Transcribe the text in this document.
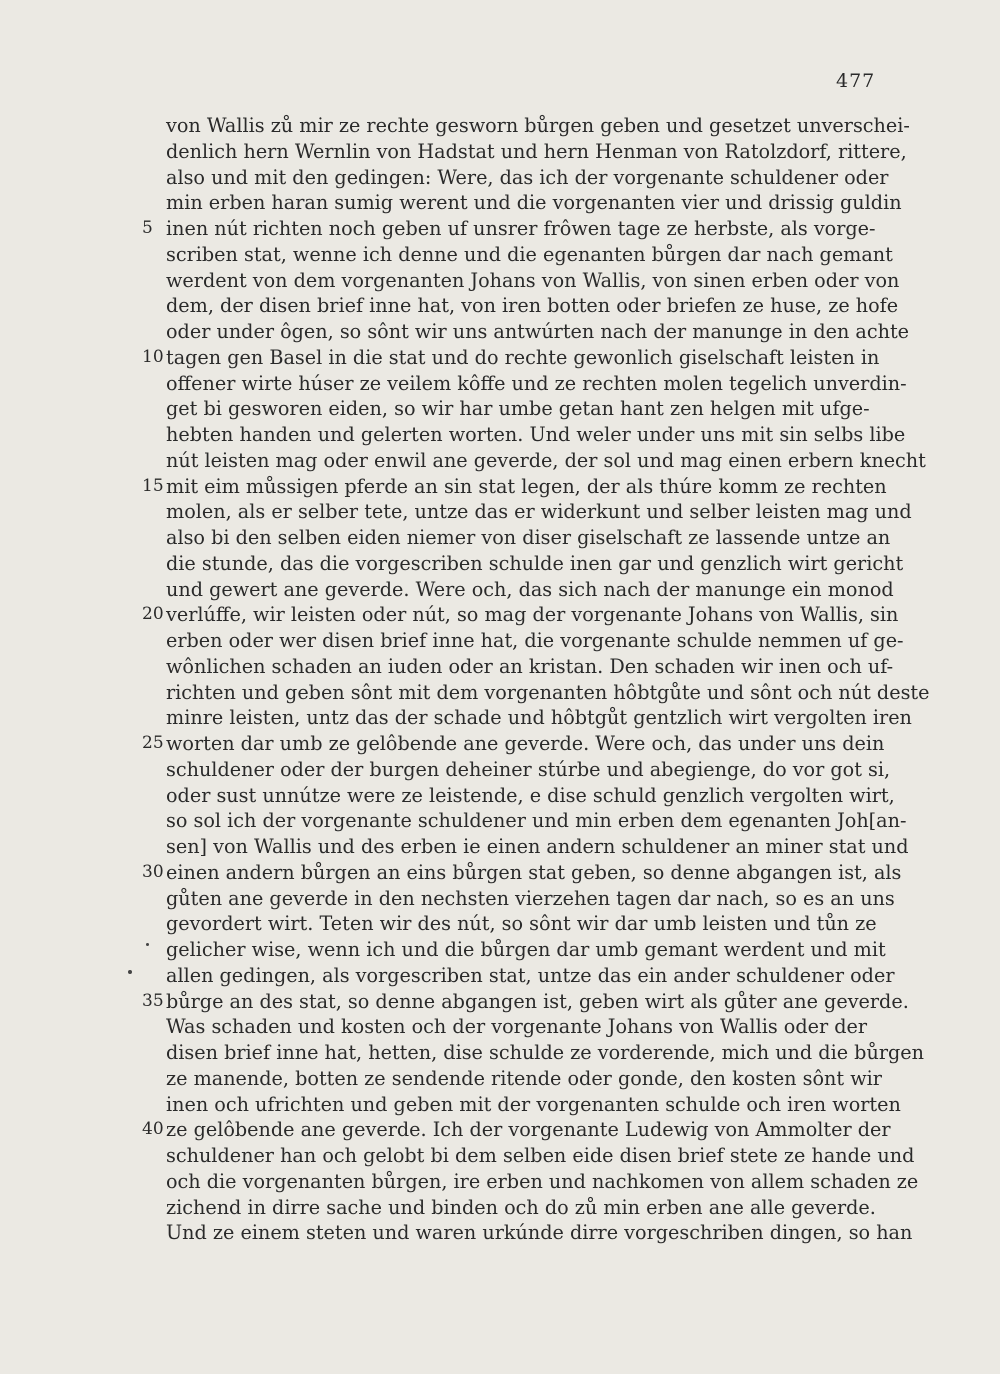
477
von Wallis zů mir ze rechte gesworn bůrgen geben und gesetzet unverschei-
denlich hern Wernlin von Hadstat und hern Henman von Ratolzdorf, rittere,
also und mit den gedingen: Were, das ich der vorgenante schuldener oder
min erben haran sumig werent und die vorgenanten vier und drissig guldin
5 inen nút richten noch geben uf unsrer frôwen tage ze herbste, als vorge-
scriben stat, wenne ich denne und die egenanten bůrgen dar nach gemant
werdent von dem vorgenanten Johans von Wallis, von sinen erben oder von
dem, der disen brief inne hat, von iren botten oder briefen ze huse, ze hofe
oder under ôgen, so sônt wir uns antwúrten nach der manunge in den achte
10 tagen gen Basel in die stat und do rechte gewonlich giselschaft leisten in
offener wirte húser ze veilem kôffe und ze rechten molen tegelich unverdin-
get bi gesworen eiden, so wir har umbe getan hant zen helgen mit ufge-
hebten handen und gelerten worten. Und weler under uns mit sin selbs libe
nút leisten mag oder enwil ane geverde, der sol und mag einen erbern knecht
15 mit eim můssigen pferde an sin stat legen, der als thúre komm ze rechten
molen, als er selber tete, untze das er widerkunt und selber leisten mag und
also bi den selben eiden niemer von diser giselschaft ze lassende untze an
die stunde, das die vorgescriben schulde inen gar und genzlich wirt gericht
und gewert ane geverde. Were och, das sich nach der manunge ein monod
20 verlúffe, wir leisten oder nút, so mag der vorgenante Johans von Wallis, sin
erben oder wer disen brief inne hat, die vorgenante schulde nemmen uf ge-
wônlichen schaden an iuden oder an kristan. Den schaden wir inen och uf-
richten und geben sônt mit dem vorgenanten hôbtgůte und sônt och nút deste
minre leisten, untz das der schade und hôbtgůt gentzlich wirt vergolten iren
25 worten dar umb ze gelôbende ane geverde. Were och, das under uns dein
schuldener oder der burgen deheiner stúrbe und abegienge, do vor got si,
oder sust unnútze were ze leistende, e dise schuld genzlich vergolten wirt,
so sol ich der vorgenante schuldener und min erben dem egenanten Joh[an-
sen] von Wallis und des erben ie einen andern schuldener an miner stat und
30 einen andern bůrgen an eins bůrgen stat geben, so denne abgangen ist, als
gůten ane geverde in den nechsten vierzehen tagen dar nach, so es an uns
gevordert wirt. Teten wir des nút, so sônt wir dar umb leisten und tůn ze
gelicher wise, wenn ich und die bůrgen dar umb gemant werdent und mit
allen gedingen, als vorgescriben stat, untze das ein ander schuldener oder
35 bůrge an des stat, so denne abgangen ist, geben wirt als gůter ane geverde.
Was schaden und kosten och der vorgenante Johans von Wallis oder der
disen brief inne hat, hetten, dise schulde ze vorderende, mich und die bůrgen
ze manende, botten ze sendende ritende oder gonde, den kosten sônt wir
inen och ufrichten und geben mit der vorgenanten schulde och iren worten
40 ze gelôbende ane geverde. Ich der vorgenante Ludewig von Ammolter der
schuldener han och gelobt bi dem selben eide disen brief stete ze hande und
och die vorgenanten bůrgen, ire erben und nachkomen von allem schaden ze
zichend in dirre sache und binden och do zů min erben ane alle geverde.
Und ze einem steten und waren urkúnde dirre vorgeschriben dingen, so han
